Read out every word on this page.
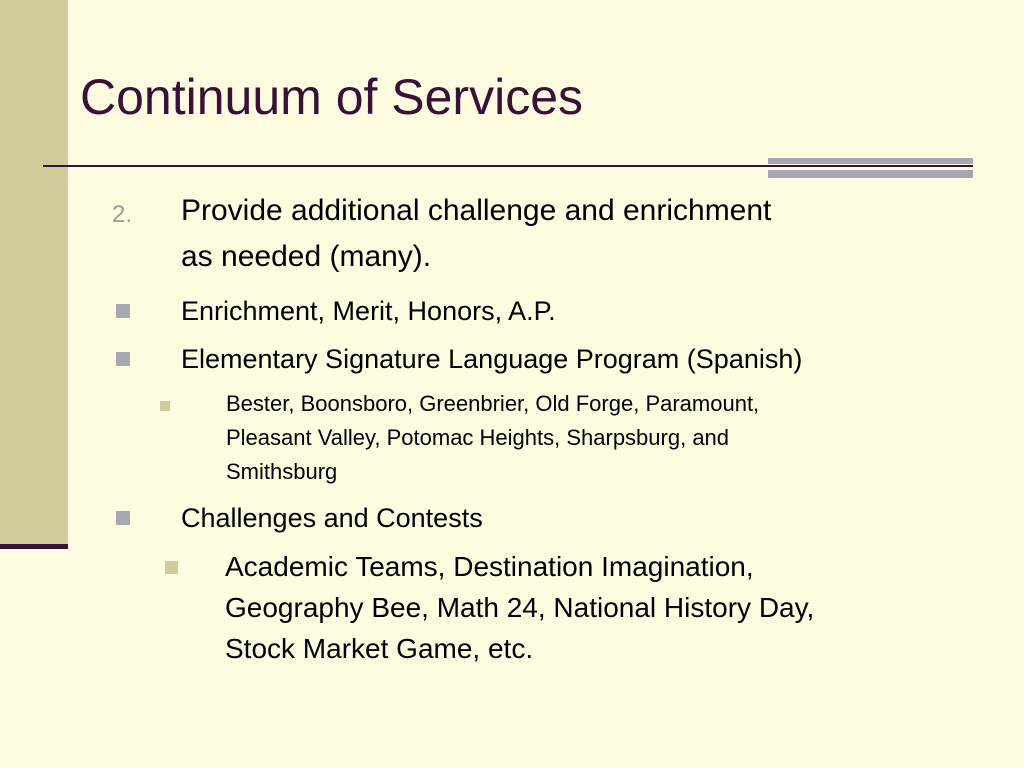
Continuum of Services
2. Provide additional challenge and enrichment
as needed (many).
Enrichment, Merit, Honors, A.P.
Elementary Signature Language Program (Spanish)
Bester, Boonsboro, Greenbrier, Old Forge, Paramount,
Pleasant Valley, Potomac Heights, Sharpsburg, and
Smithsburg
Challenges and Contests
Academic Teams, Destination Imagination,
Geography Bee, Math 24, National History Day,
Stock Market Game, etc.
